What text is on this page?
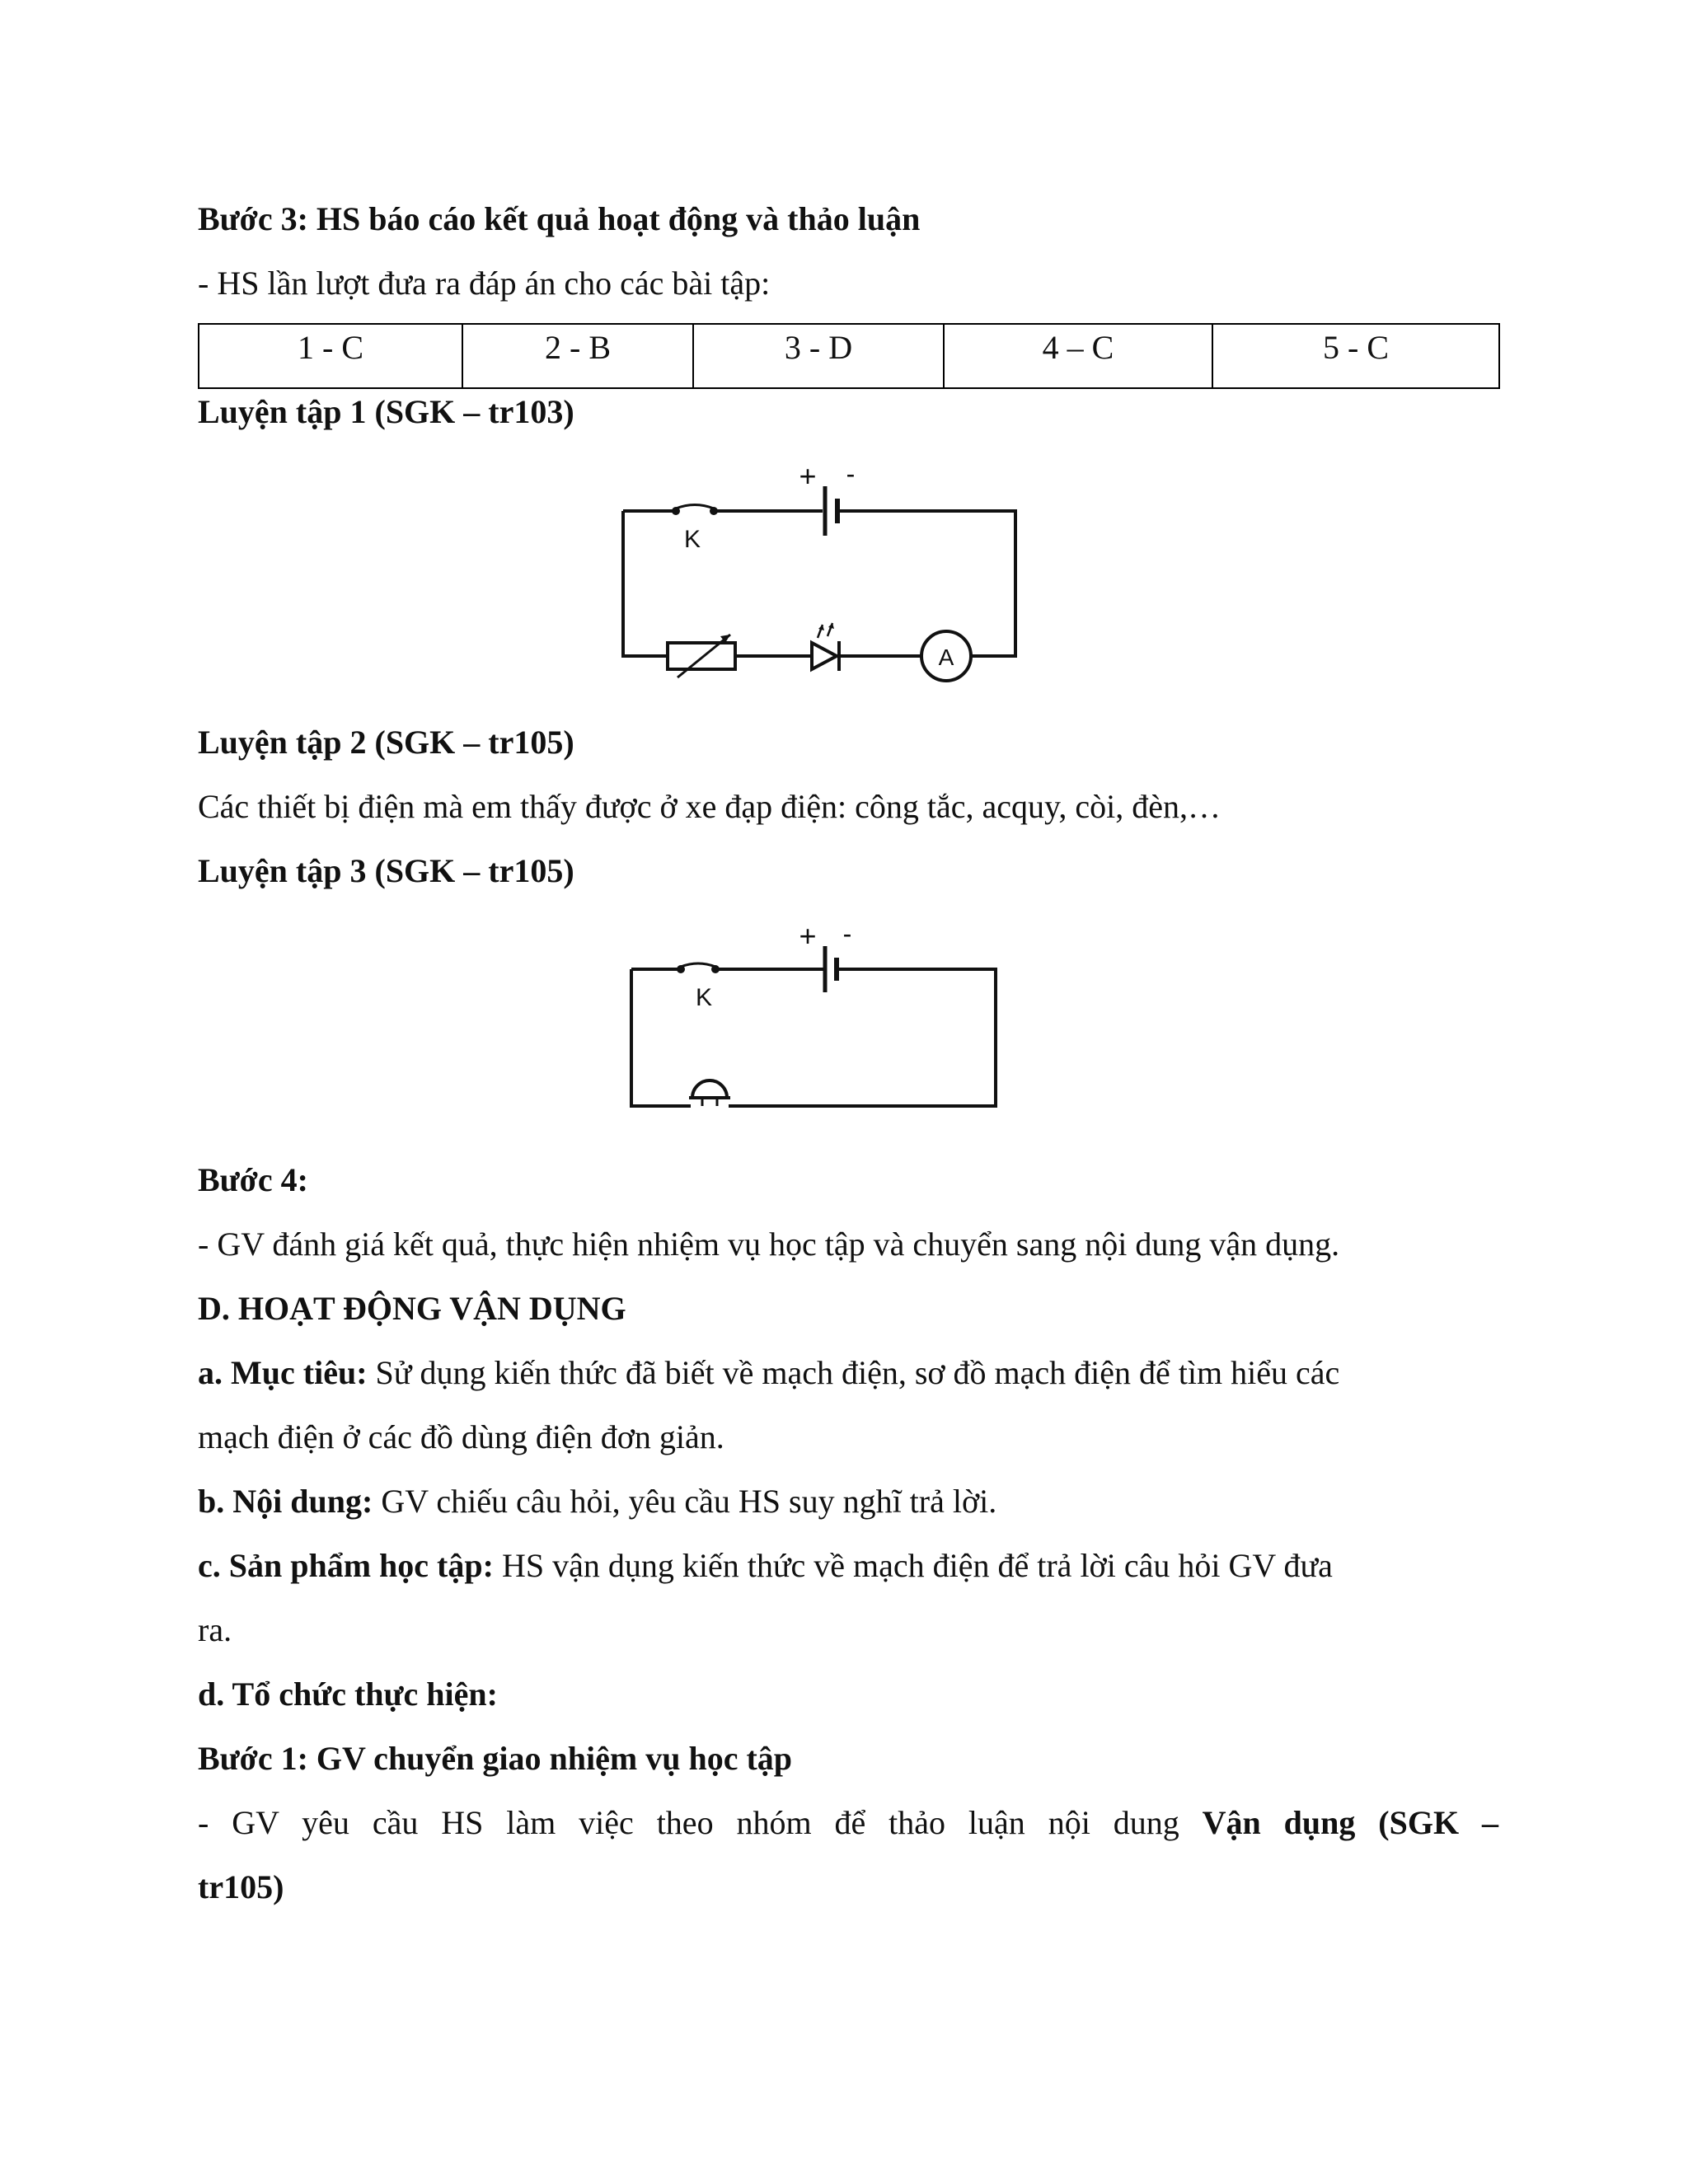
Bước 3: HS báo cáo kết quả hoạt động và thảo luận
- HS lần lượt đưa ra đáp án cho các bài tập:
1 - C	2 - B	3 - D	4 – C	5 - C
Luyện tập 1 (SGK – tr103)
K
+ -
A
Luyện tập 2 (SGK – tr105)
Các thiết bị điện mà em thấy được ở xe đạp điện: công tắc, acquy, còi, đèn,…
Luyện tập 3 (SGK – tr105)
K
+ -
Bước 4:
- GV đánh giá kết quả, thực hiện nhiệm vụ học tập và chuyển sang nội dung vận dụng.
D. HOẠT ĐỘNG VẬN DỤNG
a. Mục tiêu: Sử dụng kiến thức đã biết về mạch điện, sơ đồ mạch điện để tìm hiểu các
mạch điện ở các đồ dùng điện đơn giản.
b. Nội dung: GV chiếu câu hỏi, yêu cầu HS suy nghĩ trả lời.
c. Sản phẩm học tập: HS vận dụng kiến thức về mạch điện để trả lời câu hỏi GV đưa
ra.
d. Tổ chức thực hiện:
Bước 1: GV chuyển giao nhiệm vụ học tập
- GV yêu cầu HS làm việc theo nhóm để thảo luận nội dung Vận dụng (SGK –
tr105)
